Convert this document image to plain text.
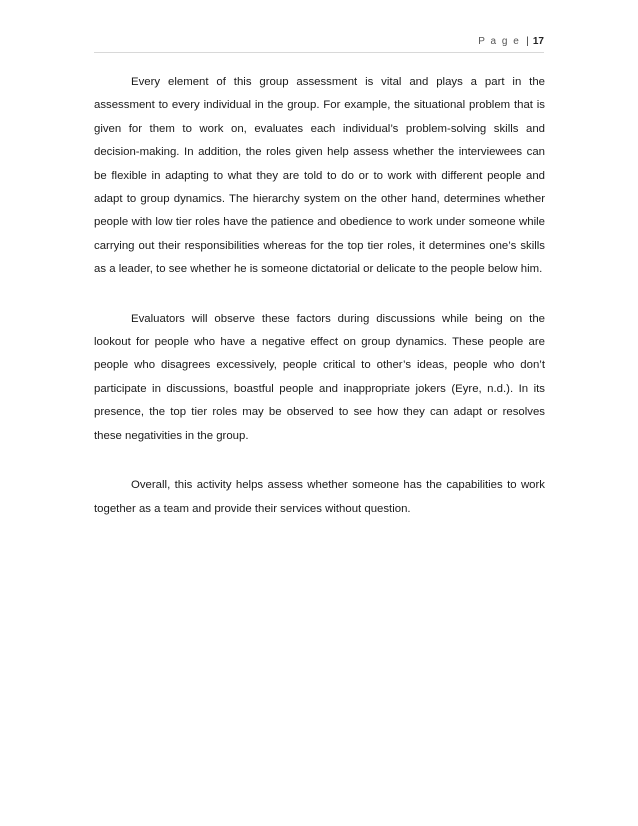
P a g e | 17

Every element of this group assessment is vital and plays a part in the assessment to every individual in the group. For example, the situational problem that is given for them to work on, evaluates each individual’s problem-solving skills and decision-making. In addition, the roles given help assess whether the interviewees can be flexible in adapting to what they are told to do or to work with different people and adapt to group dynamics. The hierarchy system on the other hand, determines whether people with low tier roles have the patience and obedience to work under someone while carrying out their responsibilities whereas for the top tier roles, it determines one’s skills as a leader, to see whether he is someone dictatorial or delicate to the people below him.

Evaluators will observe these factors during discussions while being on the lookout for people who have a negative effect on group dynamics. These people are people who disagrees excessively, people critical to other’s ideas, people who don’t participate in discussions, boastful people and inappropriate jokers (Eyre, n.d.). In its presence, the top tier roles may be observed to see how they can adapt or resolves these negativities in the group.

Overall, this activity helps assess whether someone has the capabilities to work together as a team and provide their services without question.
